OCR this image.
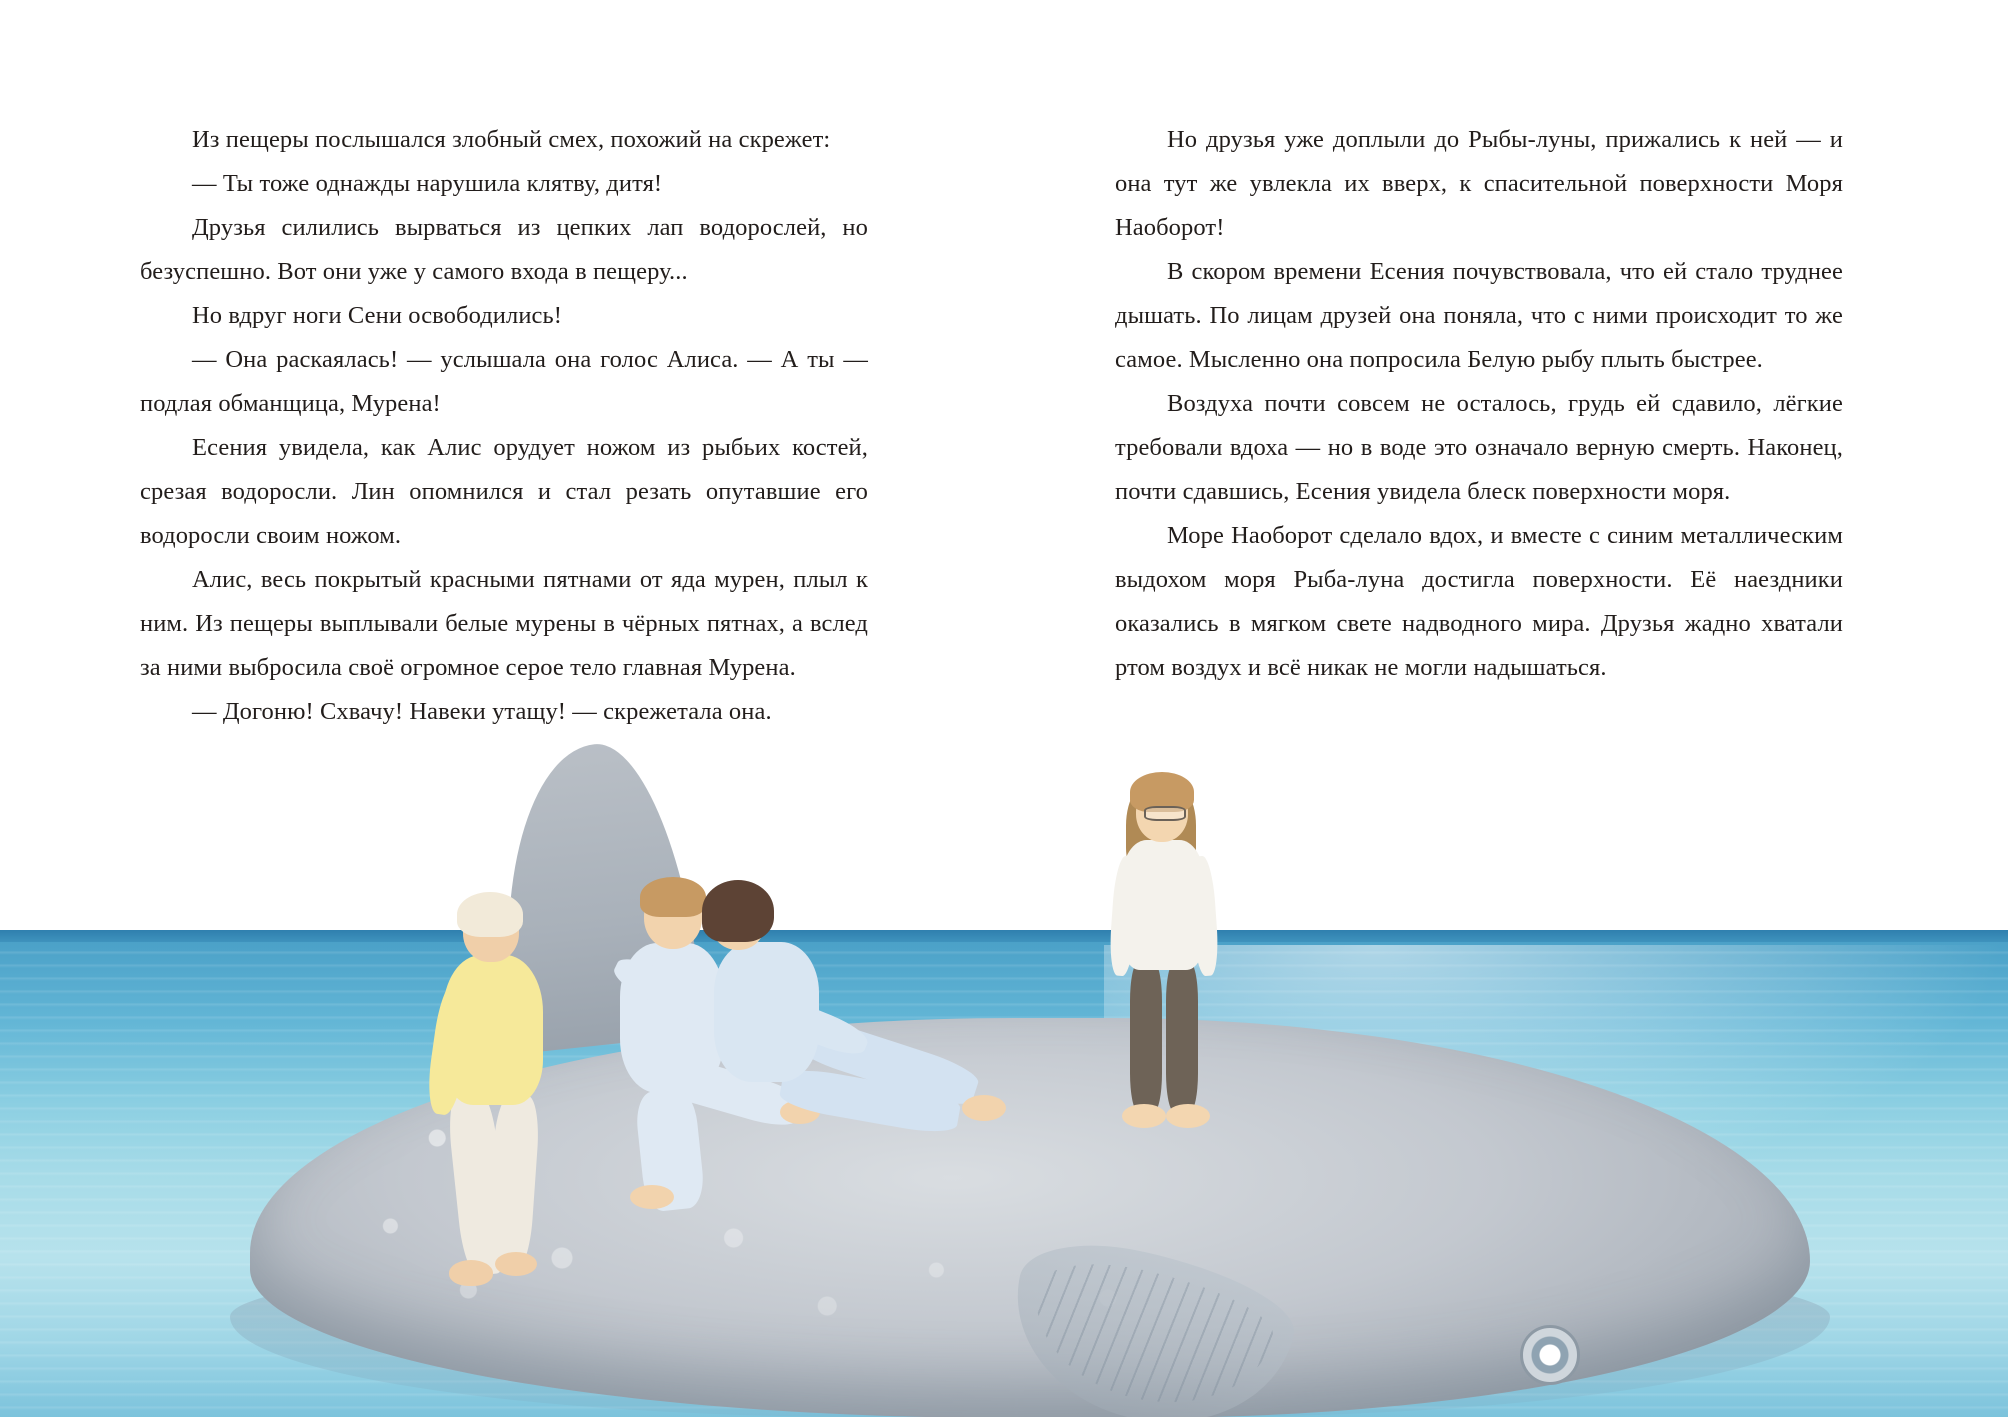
Из пещеры послышался злобный смех, похожий на скрежет:

— Ты тоже однажды нарушила клятву, дитя!

Друзья силились вырваться из цепких лап водорослей, но безуспешно. Вот они уже у самого входа в пещеру...

Но вдруг ноги Сени освободились!

— Она раскаялась! — услышала она голос Алиса. — А ты — подлая обманщица, Мурена!

Есения увидела, как Алис орудует ножом из рыбьих костей, срезая водоросли. Лин опомнился и стал резать опутавшие его водоросли своим ножом.

Алис, весь покрытый красными пятнами от яда мурен, плыл к ним. Из пещеры выплывали белые мурены в чёрных пятнах, а вслед за ними выбросила своё огромное серое тело главная Мурена.

— Догоню! Схвачу! Навеки утащу! — скрежетала она.

Но друзья уже доплыли до Рыбы-луны, прижались к ней — и она тут же увлекла их вверх, к спасительной поверхности Моря Наоборот!

В скором времени Есения почувствовала, что ей стало труднее дышать. По лицам друзей она поняла, что с ними происходит то же самое. Мысленно она попросила Белую рыбу плыть быстрее.

Воздуха почти совсем не осталось, грудь ей сдавило, лёгкие требовали вдоха — но в воде это означало верную смерть. Наконец, почти сдавшись, Есения увидела блеск поверхности моря.

Море Наоборот сделало вдох, и вместе с синим металлическим выдохом моря Рыба-луна достигла поверхности. Её наездники оказались в мягком свете надводного мира. Друзья жадно хватали ртом воздух и всё никак не могли надышаться.
